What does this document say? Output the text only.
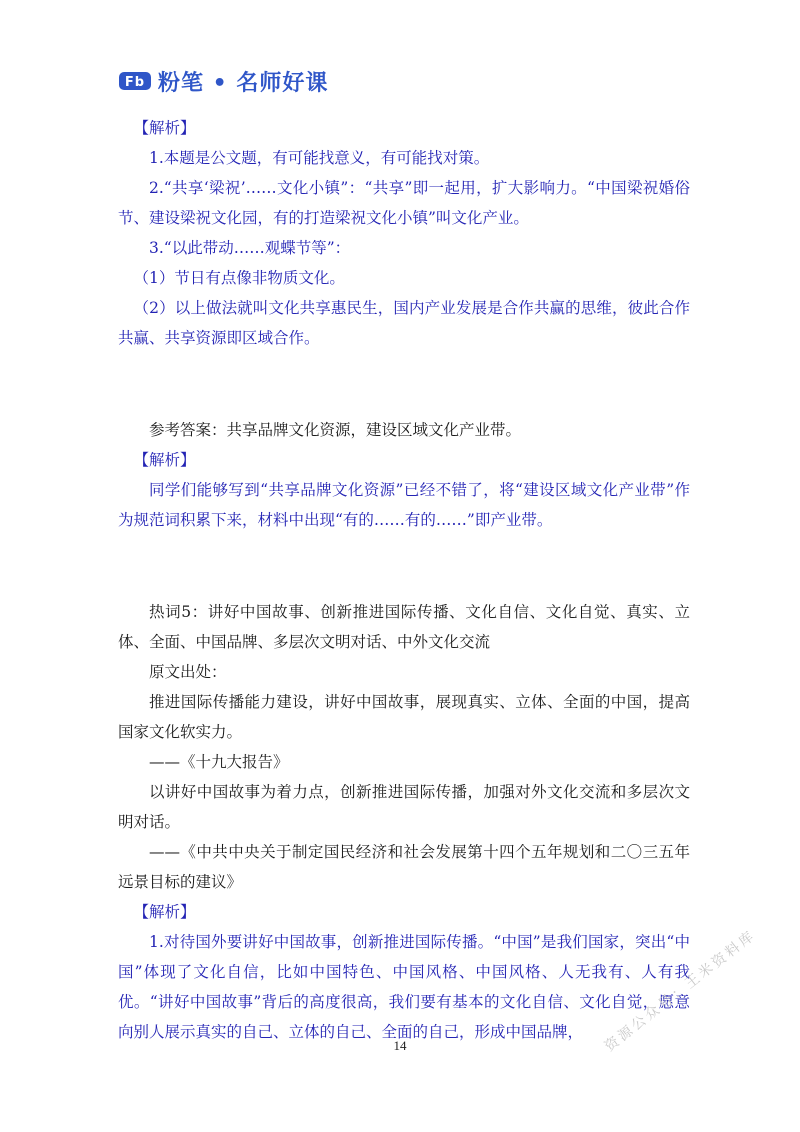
Fb 粉笔 • 名师好课

【解析】

1.本题是公文题，有可能找意义，有可能找对策。

2.“共享‘梁祝’……文化小镇”：“共享”即一起用，扩大影响力。“中国梁祝婚俗节、建设梁祝文化园，有的打造梁祝文化小镇”叫文化产业。

3.“以此带动……观蝶节等”：

（1）节日有点像非物质文化。

（2）以上做法就叫文化共享惠民生，国内产业发展是合作共赢的思维，彼此合作共赢、共享资源即区域合作。

参考答案：共享品牌文化资源，建设区域文化产业带。

【解析】

同学们能够写到“共享品牌文化资源”已经不错了，将“建设区域文化产业带”作为规范词积累下来，材料中出现“有的……有的……”即产业带。

热词5：讲好中国故事、创新推进国际传播、文化自信、文化自觉、真实、立体、全面、中国品牌、多层次文明对话、中外文化交流

原文出处：

推进国际传播能力建设，讲好中国故事，展现真实、立体、全面的中国，提高国家文化软实力。

——《十九大报告》

以讲好中国故事为着力点，创新推进国际传播，加强对外文化交流和多层次文明对话。

——《中共中央关于制定国民经济和社会发展第十四个五年规划和二〇三五年远景目标的建议》

【解析】

1.对待国外要讲好中国故事，创新推进国际传播。“中国”是我们国家，突出“中国”体现了文化自信，比如中国特色、中国风格、中国风格、人无我有、人有我优。“讲好中国故事”背后的高度很高，我们要有基本的文化自信、文化自觉，愿意向别人展示真实的自己、立体的自己、全面的自己，形成中国品牌，

14	资源公众号：王米资料库
